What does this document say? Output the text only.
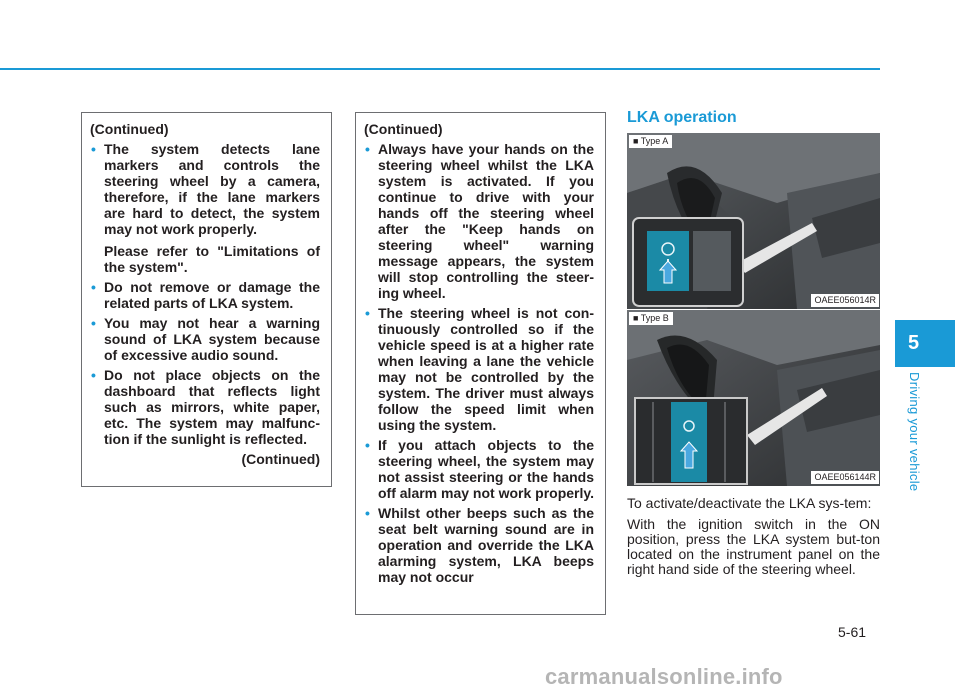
(Continued)
• The system detects lane markers and controls the steering wheel by a camera, therefore, if the lane markers are hard to detect, the system may not work properly.
Please refer to "Limitations of the system".
• Do not remove or damage the related parts of LKA system.
• You may not hear a warning sound of LKA system because of excessive audio sound.
• Do not place objects on the dashboard that reflects light such as mirrors, white paper, etc. The system may malfunc-tion if the sunlight is reflected.
(Continued)
(Continued)
• Always have your hands on the steering wheel whilst the LKA system is activated. If you continue to drive with your hands off the steering wheel after the "Keep hands on steering wheel" warning message appears, the system will stop controlling the steer-ing wheel.
• The steering wheel is not con-tinuously controlled so if the vehicle speed is at a higher rate when leaving a lane the vehicle may not be controlled by the system. The driver must always follow the speed limit when using the system.
• If you attach objects to the steering wheel, the system may not assist steering or the hands off alarm may not work properly.
• Whilst other beeps such as the seat belt warning sound are in operation and override the LKA alarming system, LKA beeps may not occur
LKA operation
■ Type A
OAEE056014R
■ Type B
OAEE056144R
To activate/deactivate the LKA sys-tem:
With the ignition switch in the ON position, press the LKA system but-ton located on the instrument panel on the right hand side of the steering wheel.
5
Driving your vehicle
5-61
carmanualsonline.info
